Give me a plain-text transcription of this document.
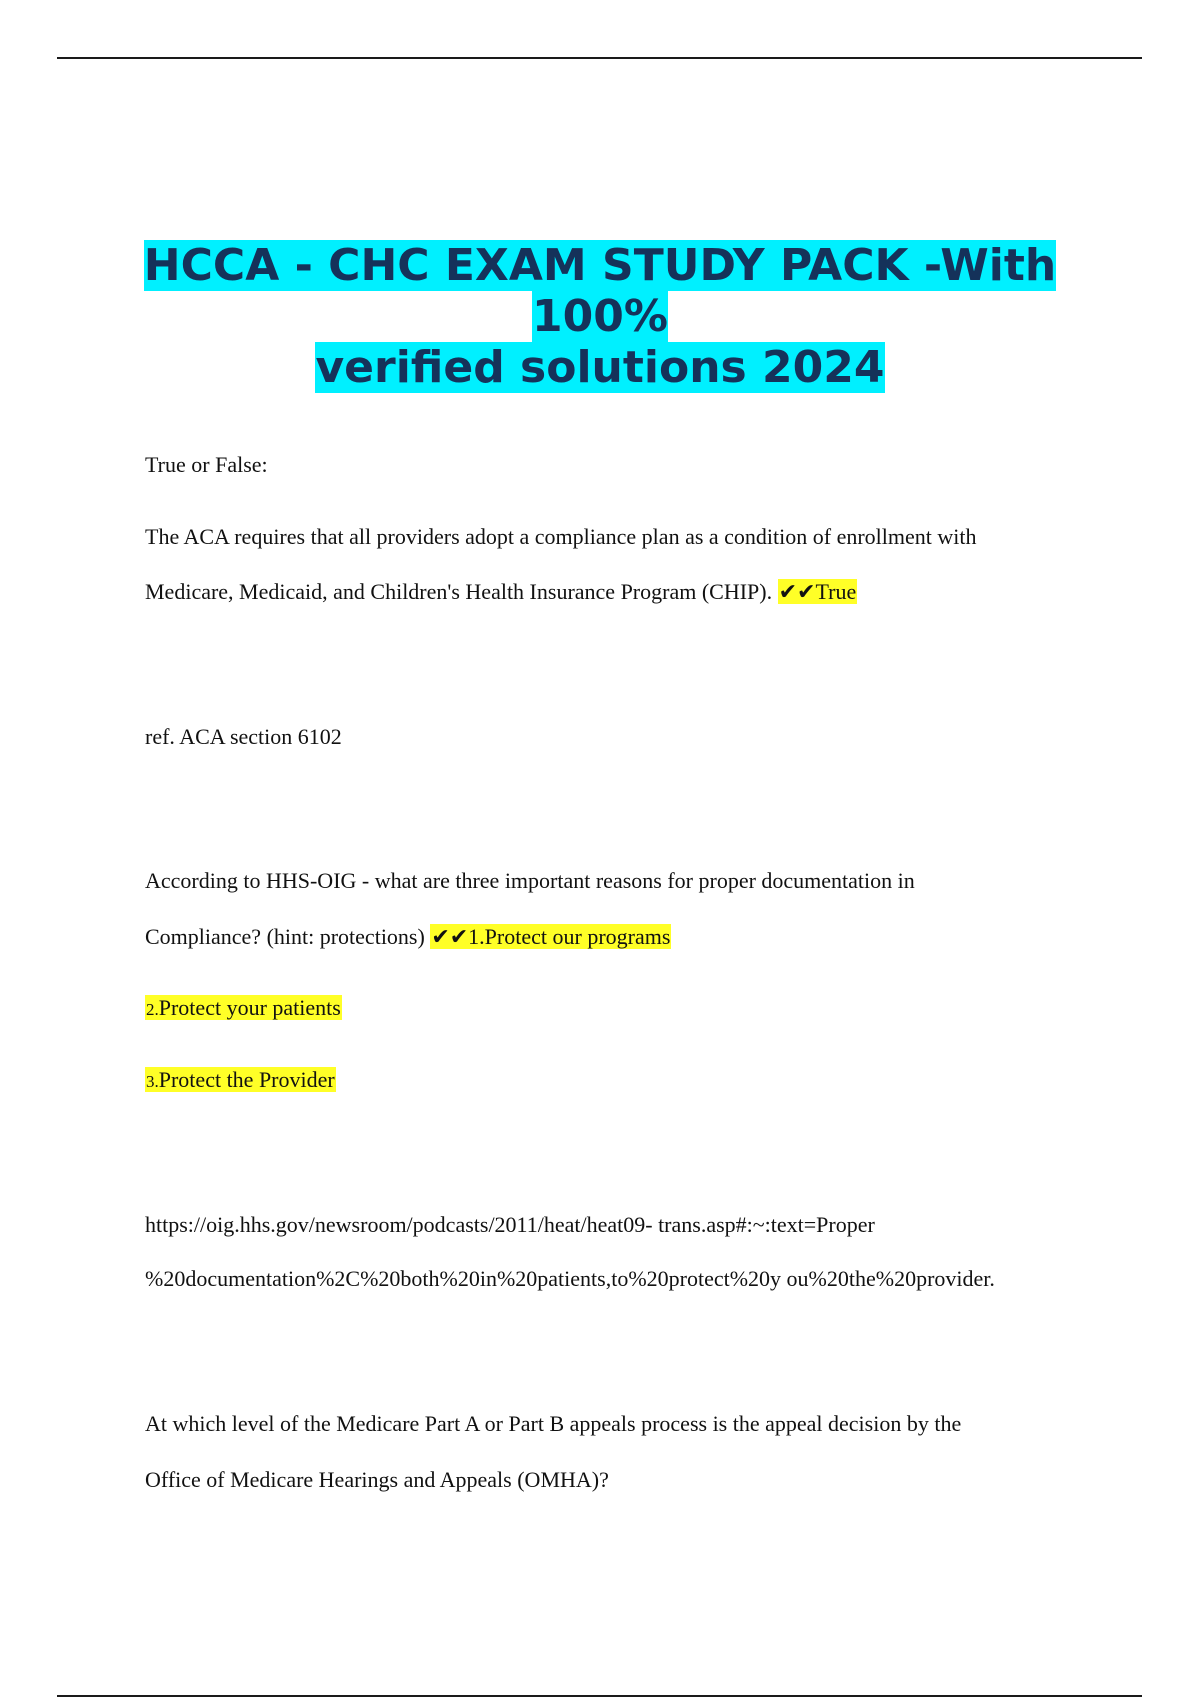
HCCA - CHC EXAM STUDY PACK -With
100%
verified solutions 2024
True or False:
The ACA requires that all providers adopt a compliance plan as a condition of enrollment with
Medicare, Medicaid, and Children's Health Insurance Program (CHIP). ✔✔True
ref. ACA section 6102
According to HHS-OIG - what are three important reasons for proper documentation in
Compliance? (hint: protections) ✔✔1.Protect our programs
2.Protect your patients
3.Protect the Provider
https://oig.hhs.gov/newsroom/podcasts/2011/heat/heat09- trans.asp#:~:text=Proper
%20documentation%2C%20both%20in%20patients,to%20protect%20y ou%20the%20provider.
At which level of the Medicare Part A or Part B appeals process is the appeal decision by the
Office of Medicare Hearings and Appeals (OMHA)?
